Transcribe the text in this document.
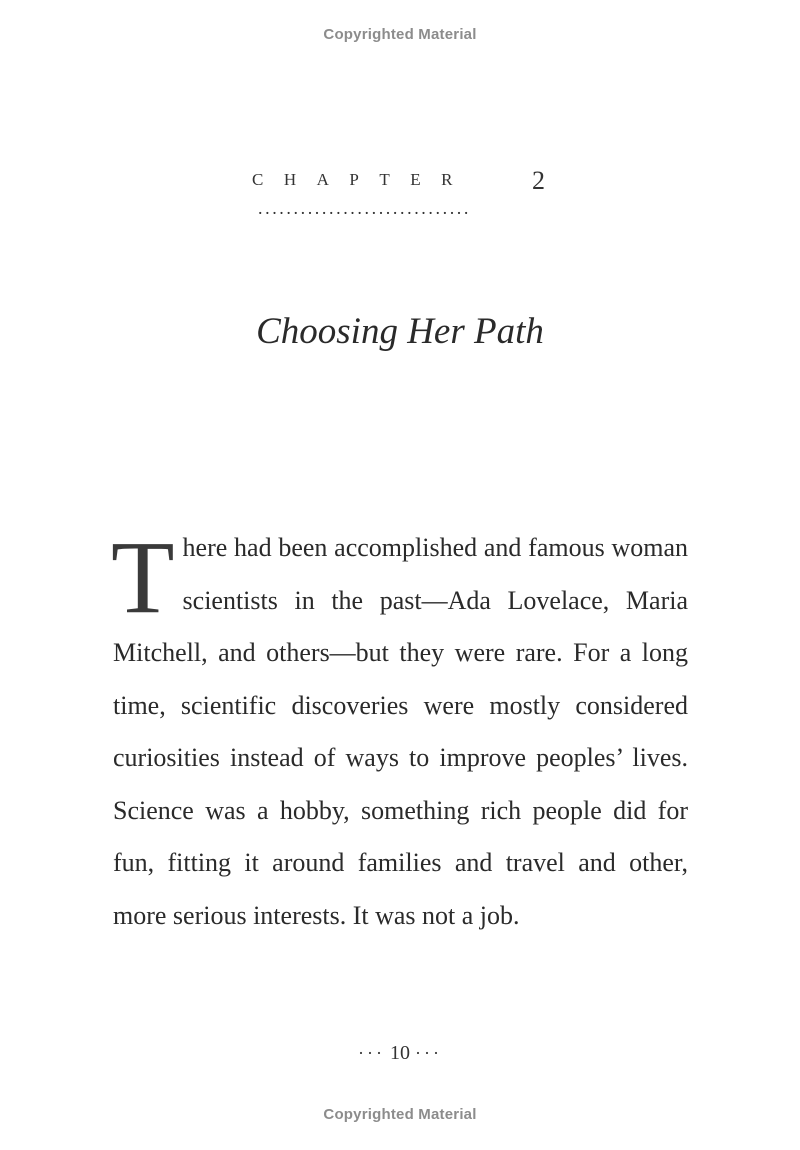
Copyrighted Material
CHAPTER 2
..............................
Choosing Her Path
There had been accomplished and famous woman scientists in the past—Ada Lovelace, Maria Mitchell, and others—but they were rare. For a long time, scientific discoveries were mostly considered curiosities instead of ways to improve peoples’ lives. Science was a hobby, something rich people did for fun, fitting it around families and travel and other, more serious interests. It was not a job.
··· 10 ···
Copyrighted Material
